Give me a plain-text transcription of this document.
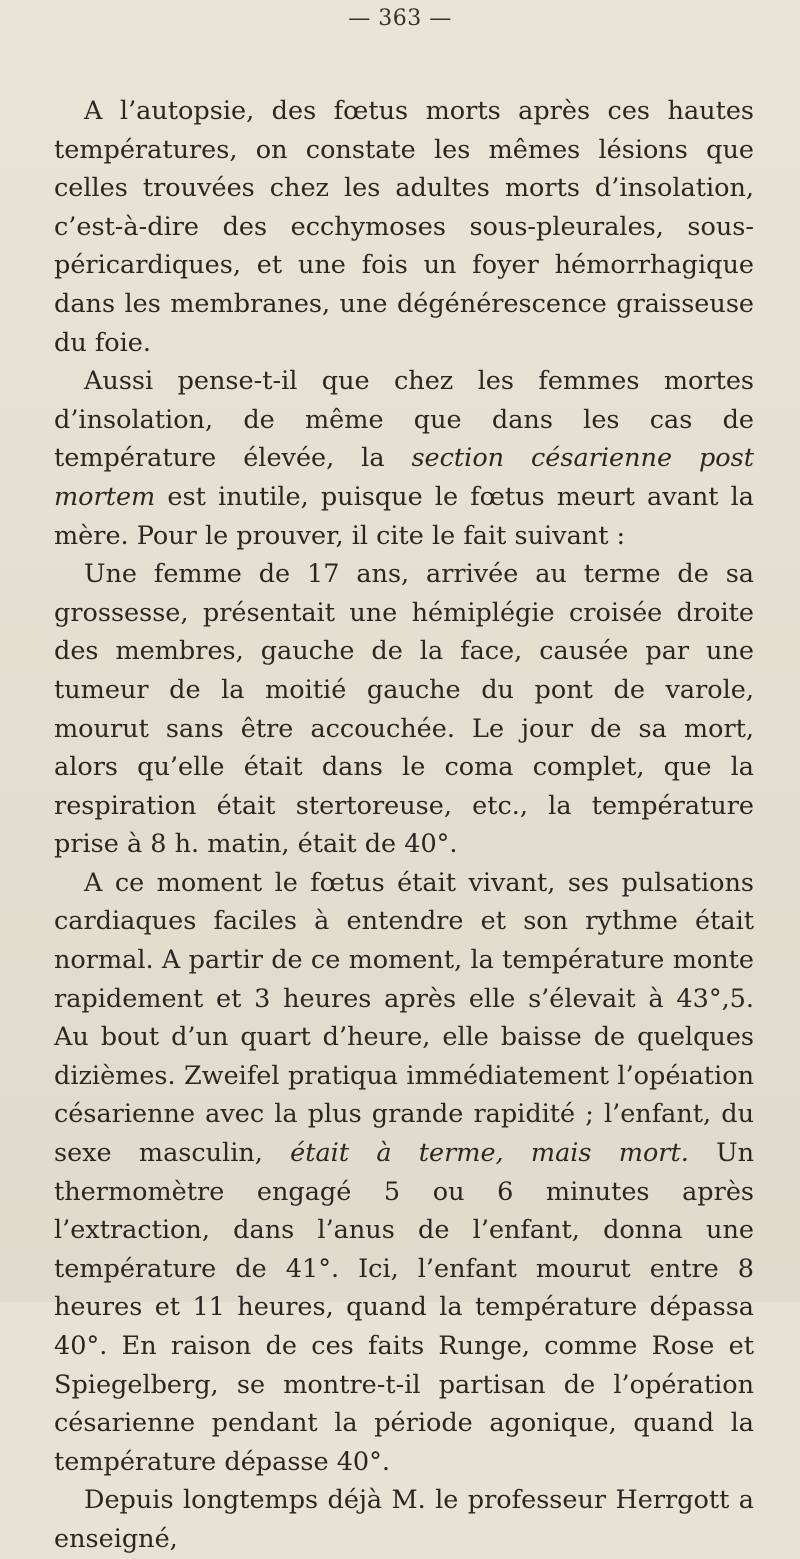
— 363 —

A l’autopsie, des fœtus morts après ces hautes températures, on constate les mêmes lésions que celles trouvées chez les adultes morts d’insolation, c’est-à-dire des ecchymoses sous-pleurales, sous-péricardiques, et une fois un foyer hémorrhagique dans les membranes, une dégénérescence graisseuse du foie.

Aussi pense-t-il que chez les femmes mortes d’insolation, de même que dans les cas de température élevée, la section césarienne post mortem est inutile, puisque le fœtus meurt avant la mère. Pour le prouver, il cite le fait suivant :

Une femme de 17 ans, arrivée au terme de sa grossesse, présentait une hémiplégie croisée droite des membres, gauche de la face, causée par une tumeur de la moitié gauche du pont de varole, mourut sans être accouchée. Le jour de sa mort, alors qu’elle était dans le coma complet, que la respiration était stertoreuse, etc., la température prise à 8 h. matin, était de 40°.

A ce moment le fœtus était vivant, ses pulsations cardiaques faciles à entendre et son rythme était normal. A partir de ce moment, la température monte rapidement et 3 heures après elle s’élevait à 43°,5. Au bout d’un quart d’heure, elle baisse de quelques dizièmes. Zweifel pratiqua immédiatement l’opéıation césarienne avec la plus grande rapidité ; l’enfant, du sexe masculin, était à terme, mais mort. Un thermomètre engagé 5 ou 6 minutes après l’extraction, dans l’anus de l’enfant, donna une température de 41°. Ici, l’enfant mourut entre 8 heures et 11 heures, quand la température dépassa 40°. En raison de ces faits Runge, comme Rose et Spiegelberg, se montre-t-il partisan de l’opération césarienne pendant la période agonique, quand la température dépasse 40°.

Depuis longtemps déjà M. le professeur Herrgott a enseigné,
